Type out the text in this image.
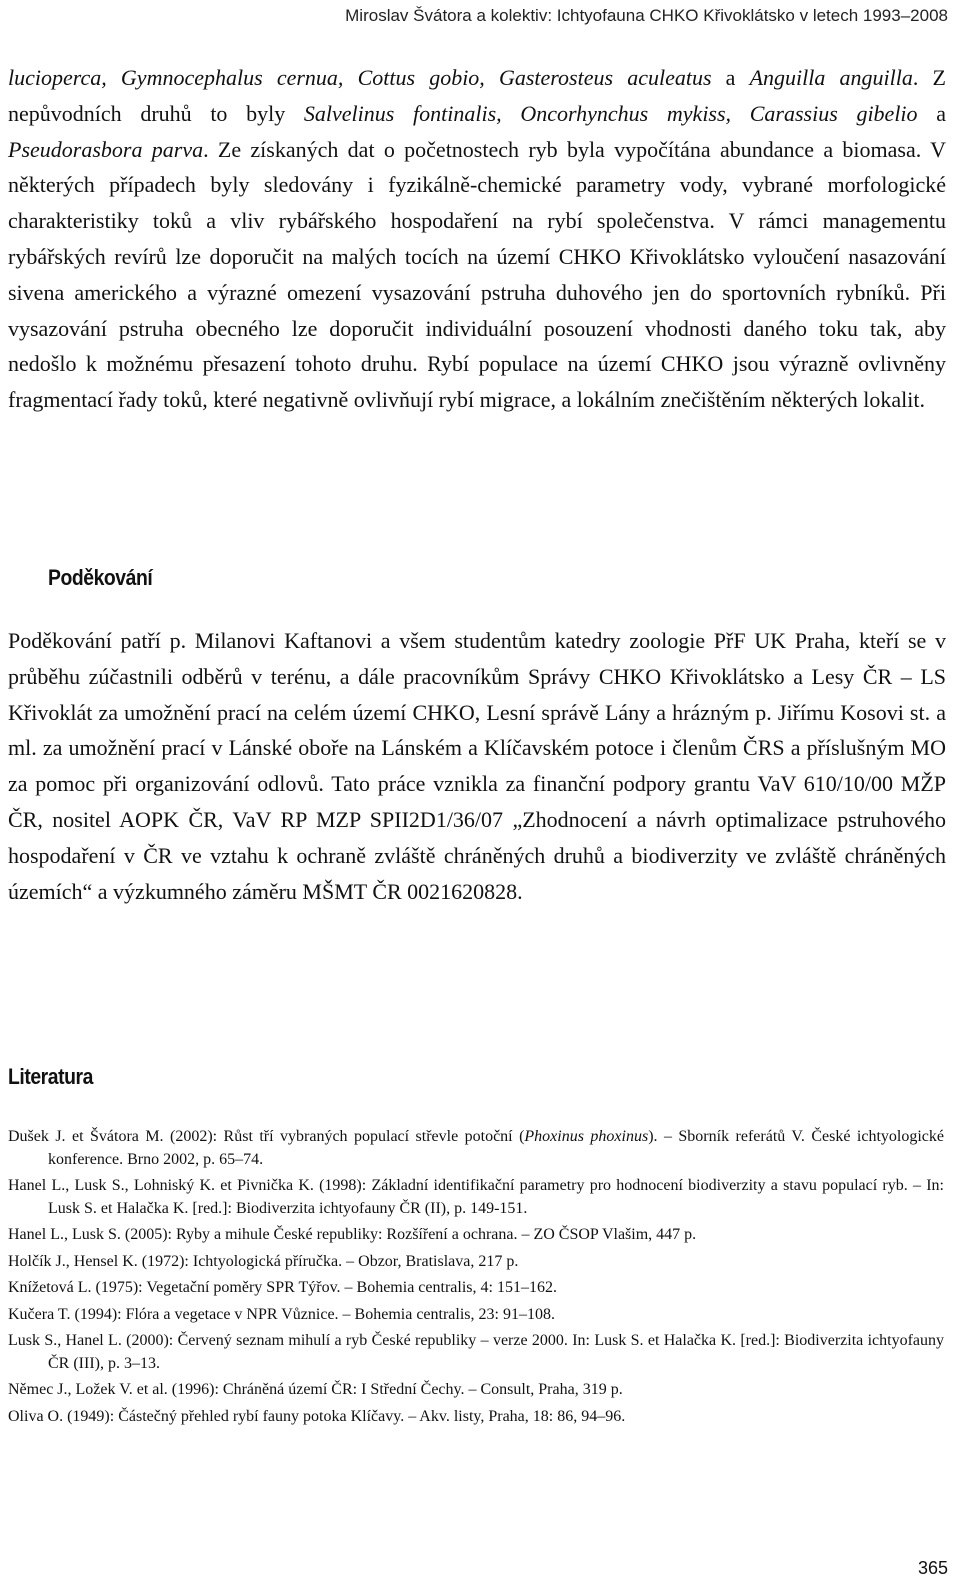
Miroslav Švátora a kolektiv: Ichtyofauna CHKO Křivoklátsko v letech 1993–2008

lucioperca, Gymnocephalus cernua, Cottus gobio, Gasterosteus aculeatus a Anguilla anguilla. Z nepůvodních druhů to byly Salvelinus fontinalis, Oncorhynchus mykiss, Carassius gibelio a Pseudorasbora parva. Ze získaných dat o početnostech ryb byla vypočítána abundance a biomasa. V některých případech byly sledovány i fyzikálně-chemické parametry vody, vybrané morfologické charakteristiky toků a vliv rybářského hospodaření na rybí společenstva. V rámci managementu rybářských revírů lze doporučit na malých tocích na území CHKO Křivoklátsko vyloučení nasazování sivena amerického a výrazné omezení vysazování pstruha duhového jen do sportovních rybníků. Při vysazování pstruha obecného lze doporučit individuální posouzení vhodnosti daného toku tak, aby nedošlo k možnému přesazení tohoto druhu. Rybí populace na území CHKO jsou výrazně ovlivněny fragmentací řady toků, které negativně ovlivňují rybí migrace, a lokálním znečištěním některých lokalit.

Poděkování

Poděkování patří p. Milanovi Kaftanovi a všem studentům katedry zoologie PřF UK Praha, kteří se v průběhu zúčastnili odběrů v terénu, a dále pracovníkům Správy CHKO Křivoklátsko a Lesy ČR – LS Křivoklát za umožnění prací na celém území CHKO, Lesní správě Lány a hrázným p. Jiřímu Kosovi st. a ml. za umožnění prací v Lánské oboře na Lánském a Klíčavském potoce i členům ČRS a příslušným MO za pomoc při organizování odlovů. Tato práce vznikla za finanční podpory grantu VaV 610/10/00 MŽP ČR, nositel AOPK ČR, VaV RP MZP SPII2D1/36/07 „Zhodnocení a návrh optimalizace pstruhového hospodaření v ČR ve vztahu k ochraně zvláště chráněných druhů a biodiverzity ve zvláště chráněných územích“ a výzkumného záměru MŠMT ČR 0021620828.

Literatura
Dušek J. et Švátora M. (2002): Růst tří vybraných populací střevle potoční (Phoxinus phoxinus). – Sborník referátů V. České ichtyologické konference. Brno 2002, p. 65–74.
Hanel L., Lusk S., Lohniský K. et Pivnička K. (1998): Základní identifikační parametry pro hodnocení biodiverzity a stavu populací ryb. – In: Lusk S. et Halačka K. [red.]: Biodiverzita ichtyofauny ČR (II), p. 149-151.
Hanel L., Lusk S. (2005): Ryby a mihule České republiky: Rozšíření a ochrana. – ZO ČSOP Vlašim, 447 p.
Holčík J., Hensel K. (1972): Ichtyologická příručka. – Obzor, Bratislava, 217 p.
Knížetová L. (1975): Vegetační poměry SPR Týřov. – Bohemia centralis, 4: 151–162.
Kučera T. (1994): Flóra a vegetace v NPR Vůznice. – Bohemia centralis, 23: 91–108.
Lusk S., Hanel L. (2000): Červený seznam mihulí a ryb České republiky – verze 2000. In: Lusk S. et Halačka K. [red.]: Biodiverzita ichtyofauny ČR (III), p. 3–13.
Němec J., Ložek V. et al. (1996): Chráněná území ČR: I Střední Čechy. – Consult, Praha, 319 p.
Oliva O. (1949): Částečný přehled rybí fauny potoka Klíčavy. – Akv. listy, Praha, 18: 86, 94–96.
365
